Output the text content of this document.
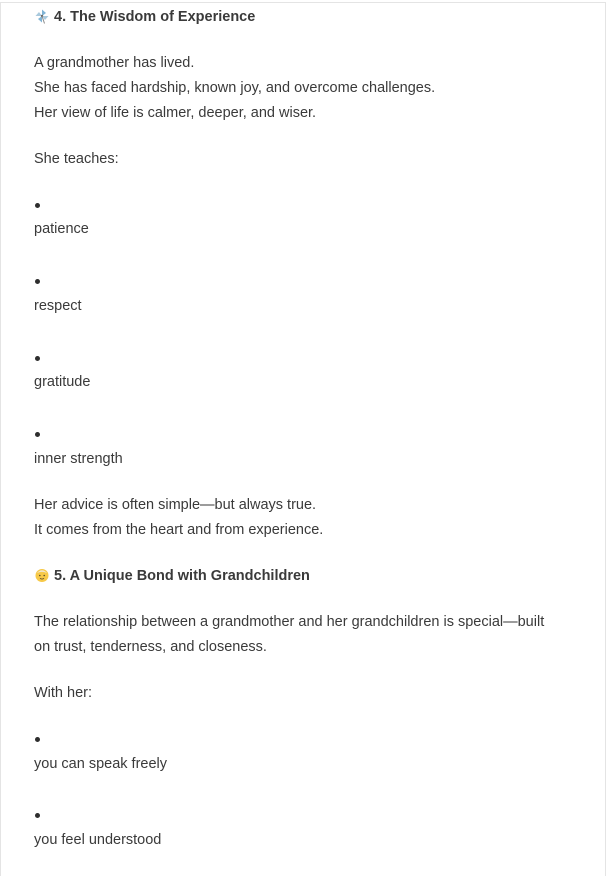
4. The Wisdom of Experience
A grandmother has lived.
She has faced hardship, known joy, and overcome challenges.
Her view of life is calmer, deeper, and wiser.
She teaches:
patience
respect
gratitude
inner strength
Her advice is often simple—but always true.
It comes from the heart and from experience.
5. A Unique Bond with Grandchildren
The relationship between a grandmother and her grandchildren is special—built
on trust, tenderness, and closeness.
With her:
you can speak freely
you feel understood
